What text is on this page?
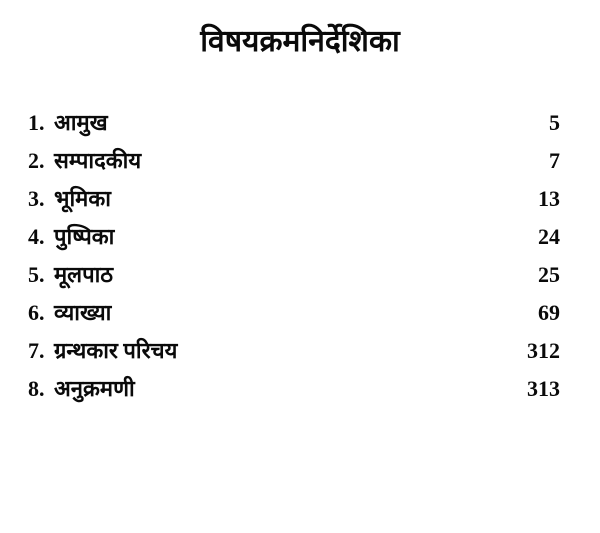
विषयक्रमनिर्देशिका
1. आमुख	5
2. सम्पादकीय	7
3. भूमिका	13
4. पुष्पिका	24
5. मूलपाठ	25
6. व्याख्या	69
7. ग्रन्थकार परिचय	312
8. अनुक्रमणी	313
